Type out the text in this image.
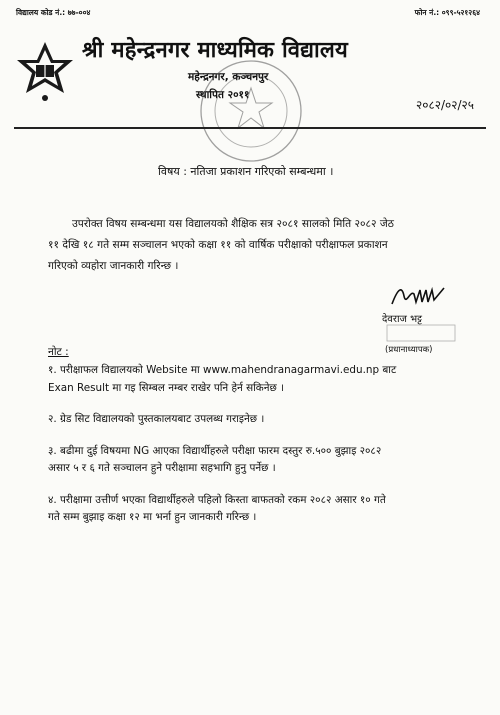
विद्यालय कोड नं.: ७७-००४	फोन नं.: ०९९-५२१२६४
श्री महेन्द्रनगर माध्यमिक विद्यालय
महेन्द्रनगर, कञ्चनपुर
स्थापित २०११
२०८२/०२/२५
विषय : नतिजा प्रकाशन गरिएको सम्बन्धमा ।
उपरोक्त विषय सम्बन्धमा यस विद्यालयको शैक्षिक सत्र २०८१ सालको मिति २०८२ जेठ
११ देखि १८ गते सम्म सञ्चालन भएको कक्षा ११ को वार्षिक परीक्षाको परीक्षाफल प्रकाशन
गरिएको व्यहोरा जानकारी गरिन्छ ।
देवराज भट्ट
(प्रधानाध्यापक)
नोट :
१. परीक्षाफल विद्यालयको Website मा www.mahendranagarmavi.edu.np बाट
Exan Result मा गइ सिम्बल नम्बर राखेर पनि हेर्न सकिनेछ ।
२. ग्रेड सिट विद्यालयको पुस्तकालयबाट उपलब्ध गराइनेछ ।
३. बढीमा दुई विषयमा NG आएका विद्यार्थीहरुले परीक्षा फारम दस्तुर रु.५०० बुझाइ २०८२
असार ५ र ६ गते सञ्चालन हुने परीक्षामा सहभागि हुनु पर्नेछ ।
४. परीक्षामा उत्तीर्ण भएका विद्यार्थीहरुले पहिलो किस्ता बाफतको रकम २०८२ असार १० गते
गते सम्म बुझाइ कक्षा १२ मा भर्ना हुन जानकारी गरिन्छ ।
